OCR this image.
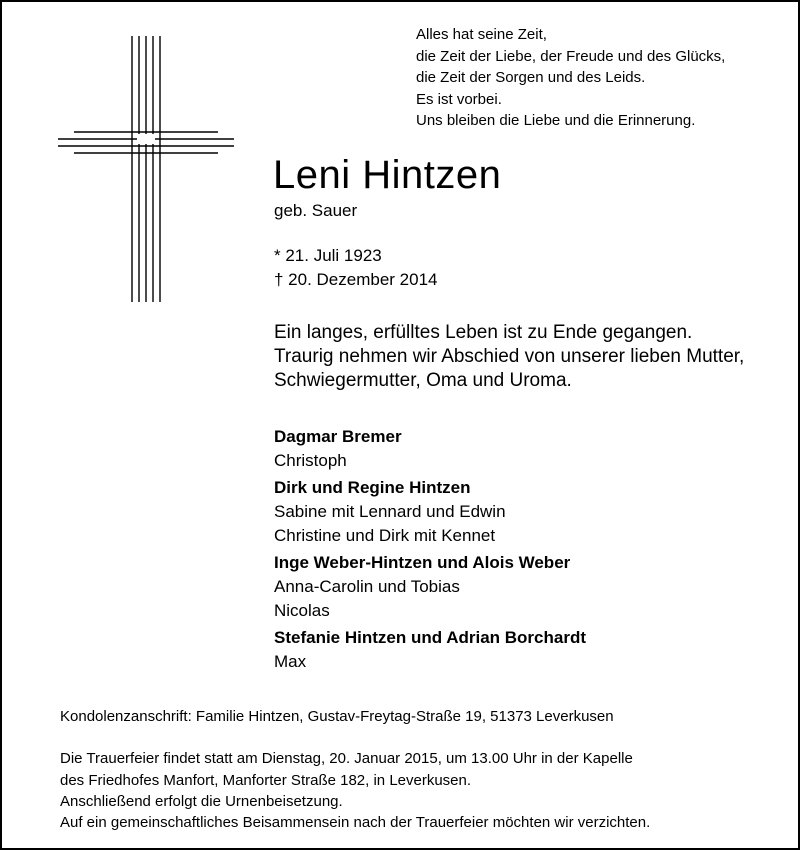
Alles hat seine Zeit,
die Zeit der Liebe, der Freude und des Glücks,
die Zeit der Sorgen und des Leids.
Es ist vorbei.
Uns bleiben die Liebe und die Erinnerung.
Leni Hintzen
geb. Sauer
* 21. Juli 1923
† 20. Dezember 2014
Ein langes, erfülltes Leben ist zu Ende gegangen.
Traurig nehmen wir Abschied von unserer lieben Mutter,
Schwiegermutter, Oma und Uroma.
Dagmar Bremer
Christoph
Dirk und Regine Hintzen
Sabine mit Lennard und Edwin
Christine und Dirk mit Kennet
Inge Weber-Hintzen und Alois Weber
Anna-Carolin und Tobias
Nicolas
Stefanie Hintzen und Adrian Borchardt
Max
Kondolenzanschrift: Familie Hintzen, Gustav-Freytag-Straße 19, 51373 Leverkusen
Die Trauerfeier findet statt am Dienstag, 20. Januar 2015, um 13.00 Uhr in der Kapelle
des Friedhofes Manfort, Manforter Straße 182, in Leverkusen.
Anschließend erfolgt die Urnenbeisetzung.
Auf ein gemeinschaftliches Beisammensein nach der Trauerfeier möchten wir verzichten.
